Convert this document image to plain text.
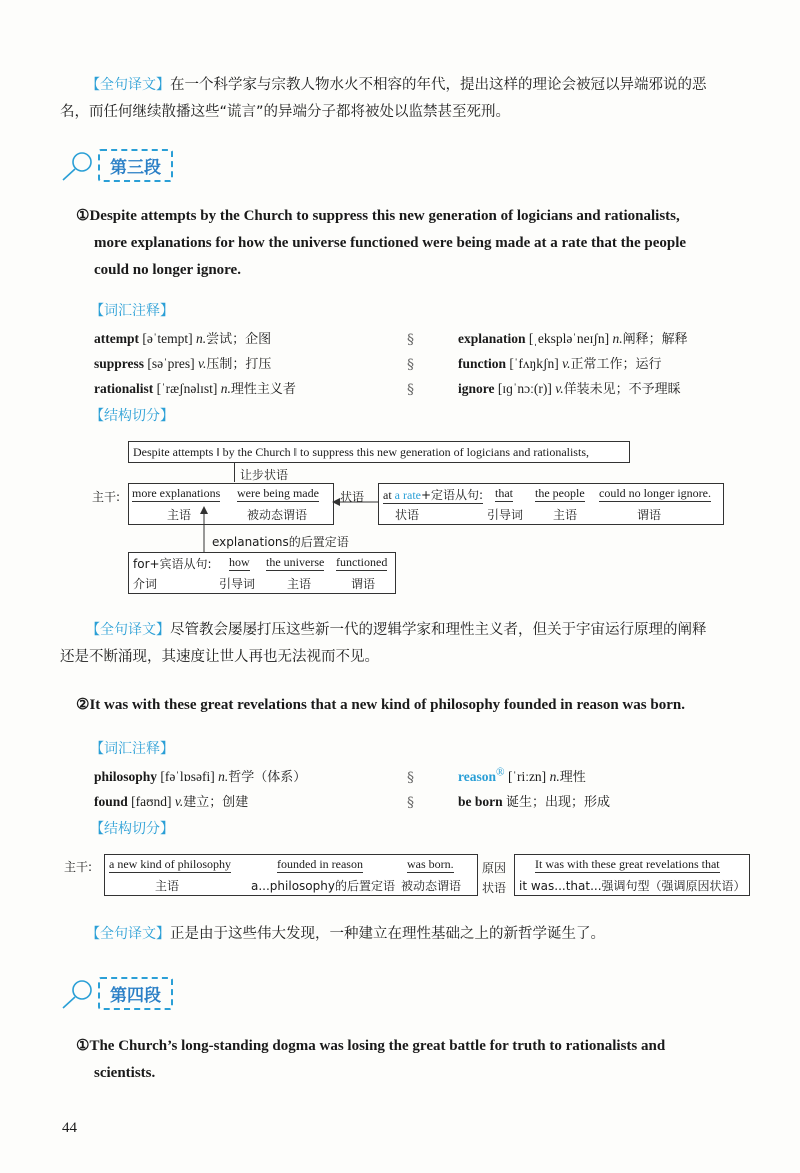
【全句译文】在一个科学家与宗教人物水火不相容的年代，提出这样的理论会被冠以异端邪说的恶
名，而任何继续散播这些“谎言”的异端分子都将被处以监禁甚至死刑。
第三段
①Despite attempts by the Church to suppress this new generation of logicians and rationalists,
more explanations for how the universe functioned were being made at a rate that the people
could no longer ignore.
【词汇注释】
attempt [əˈtempt] n.尝试；企图
suppress [səˈpres] v.压制；打压
rationalist [ˈræʃnəlɪst] n.理性主义者
§
§
§
explanation [ˌekspləˈneɪʃn] n.阐释；解释
function [ˈfʌŋkʃn] v.正常工作；运行
ignore [ɪɡˈnɔː(r)] v.佯装未见；不予理睬
【结构切分】
Despite attempts ‖ by the Church ‖ to suppress this new generation of logicians and rationalists,
让步状语
主干: more explanations
主语
were being made
被动态谓语
状语 at a rate+定语从句:
状语
that
引导词
the people
主语
could no longer ignore.
谓语
explanations的后置定语
for+宾语从句:
介词
how
引导词
the universe
主语
functioned
谓语
【全句译文】尽管教会屡屡打压这些新一代的逻辑学家和理性主义者，但关于宇宙运行原理的阐释
还是不断涌现，其速度让世人再也无法视而不见。
②It was with these great revelations that a new kind of philosophy founded in reason was born.
【词汇注释】
philosophy [fəˈlɒsəfi] n.哲学（体系）
found [faʊnd] v.建立；创建
§
§
reason® [ˈriːzn] n.理性
be born 诞生；出现；形成
【结构切分】
主干: a new kind of philosophy
主语
founded in reason
a...philosophy的后置定语
was born.
被动态谓语
原因
状语
It was with these great revelations that
it was...that...强调句型（强调原因状语）
【全句译文】正是由于这些伟大发现，一种建立在理性基础之上的新哲学诞生了。
第四段
①The Church’s long-standing dogma was losing the great battle for truth to rationalists and
scientists.
44
